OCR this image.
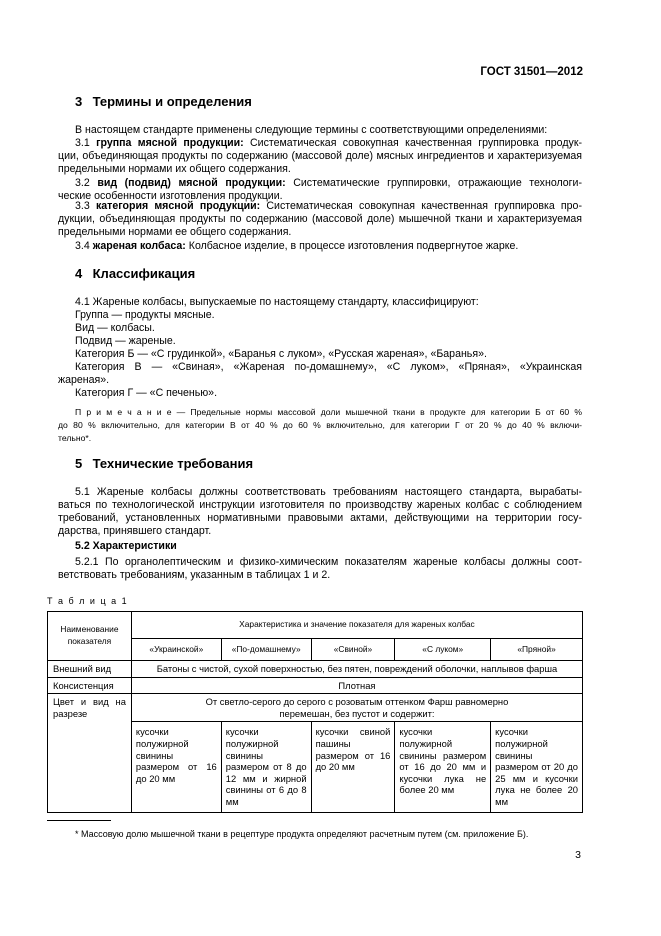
ГОСТ 31501—2012
3 Термины и определения
В настоящем стандарте применены следующие термины с соответствующими определениями:
3.1 группа мясной продукции: Систематическая совокупная качественная группировка продук-
ции, объединяющая продукты по содержанию (массовой доле) мясных ингредиентов и характеризуемая
предельными нормами их общего содержания.
3.2 вид (подвид) мясной продукции: Систематические группировки, отражающие технологи-
ческие особенности изготовления продукции.
3.3 категория мясной продукции: Систематическая совокупная качественная группировка про-
дукции, объединяющая продукты по содержанию (массовой доле) мышечной ткани и характеризуемая
предельными нормами ее общего содержания.
3.4 жареная колбаса: Колбасное изделие, в процессе изготовления подвергнутое жарке.
4 Классификация
4.1 Жареные колбасы, выпускаемые по настоящему стандарту, классифицируют:
Группа — продукты мясные.
Вид — колбасы.
Подвид — жареные.
Категория Б — «С грудинкой», «Баранья с луком», «Русская жареная», «Баранья».
Категория В — «Свиная», «Жареная по-домашнему», «С луком», «Пряная», «Украинская
жареная».
Категория Г — «С печенью».
П р и м е ч а н и е — Предельные нормы массовой доли мышечной ткани в продукте для категории Б от 60 %
до 80 % включительно, для категории В от 40 % до 60 % включительно, для категории Г от 20 % до 40 % включи-
тельно*.
5 Технические требования
5.1 Жареные колбасы должны соответствовать требованиям настоящего стандарта, вырабаты-
ваться по технологической инструкции изготовителя по производству жареных колбас с соблюдением
требований, установленных нормативными правовыми актами, действующими на территории госу-
дарства, принявшего стандарт.
5.2 Характеристики
5.2.1 По органолептическим и физико-химическим показателям жареные колбасы должны соот-
ветствовать требованиям, указанным в таблицах 1 и 2.
Т а б л и ц а 1
Наименование показателя	Характеристика и значение показателя для жареных колбас				
	«Украинской»	«По-домашнему»	«Свиной»	«С луком»	«Пряной»
Внешний вид	Батоны с чистой, сухой поверхностью, без пятен, повреждений оболочки, наплывов фарша				
Консистенция	Плотная				
Цвет и вид на разрезе	От светло-серого до серого с розоватым оттенком Фарш равномерно перемешан, без пустот и содержит:				
	кусочки полужирной свинины размером от 16 до 20 мм	кусочки полужирной свинины размером от 8 до 12 мм и жирной свинины от 6 до 8 мм	кусочки свиной пашины размером от 16 до 20 мм	кусочки полужирной свинины размером от 16 до 20 мм и кусочки лука не более 20 мм	кусочки полужирной свинины размером от 20 до 25 мм и кусочки лука не более 20 мм
* Массовую долю мышечной ткани в рецептуре продукта определяют расчетным путем (см. приложение Б).
3
